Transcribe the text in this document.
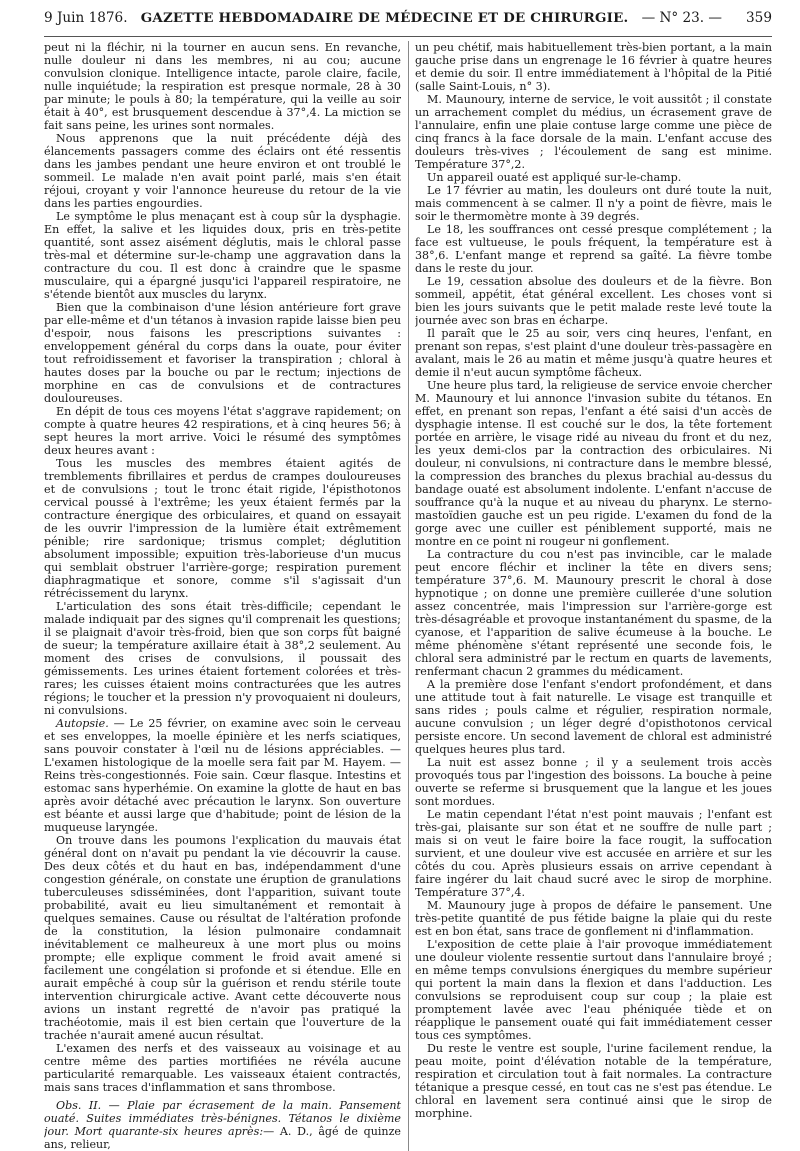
9 Juin 1876. GAZETTE HEBDOMADAIRE DE MÉDECINE ET DE CHIRURGIE. — N° 23. — 359

peut ni la fléchir, ni la tourner en aucun sens. En revanche, nulle douleur ni dans les membres, ni au cou; aucune convulsion clonique. Intelligence intacte, parole claire, facile, nulle inquiétude; la respiration est presque normale, 28 à 30 par minute; le pouls à 80; la température, qui la veille au soir était à 40°, est brusquement descendue à 37°,4. La miction se fait sans peine, les urines sont normales.

Nous apprenons que la nuit précédente déjà des élancements passagers comme des éclairs ont été ressentis dans les jambes pendant une heure environ et ont troublé le sommeil. Le malade n'en avait point parlé, mais s'en était réjoui, croyant y voir l'annonce heureuse du retour de la vie dans les parties engourdies.

Le symptôme le plus menaçant est à coup sûr la dysphagie. En effet, la salive et les liquides doux, pris en très-petite quantité, sont assez aisément déglutis, mais le chloral passe très-mal et détermine sur-le-champ une aggravation dans la contracture du cou. Il est donc à craindre que le spasme musculaire, qui a épargné jusqu'ici l'appareil respiratoire, ne s'étende bientôt aux muscles du larynx.

Bien que la combinaison d'une lésion antérieure fort grave par elle-même et d'un tétanos à invasion rapide laisse bien peu d'espoir, nous faisons les prescriptions suivantes : enveloppement général du corps dans la ouate, pour éviter tout refroidissement et favoriser la transpiration ; chloral à hautes doses par la bouche ou par le rectum; injections de morphine en cas de convulsions et de contractures douloureuses.

En dépit de tous ces moyens l'état s'aggrave rapidement; on compte à quatre heures 42 respirations, et à cinq heures 56; à sept heures la mort arrive. Voici le résumé des symptômes deux heures avant :

Tous les muscles des membres étaient agités de tremblements fibrillaires et perdus de crampes douloureuses et de convulsions ; tout le tronc était rigide, l'épisthotonos cervical poussé à l'extrême; les yeux étaient fermés par la contracture énergique des orbiculaires, et quand on essayait de les ouvrir l'impression de la lumière était extrêmement pénible; rire sardonique; trismus complet; déglutition absolument impossible; expuition très-laborieuse d'un mucus qui semblait obstruer l'arrière-gorge; respiration purement diaphragmatique et sonore, comme s'il s'agissait d'un rétrécissement du larynx.

L'articulation des sons était très-difficile; cependant le malade indiquait par des signes qu'il comprenait les questions; il se plaignait d'avoir très-froid, bien que son corps fût baigné de sueur; la température axillaire était à 38°,2 seulement. Au moment des crises de convulsions, il poussait des gémissements. Les urines étaient fortement colorées et très-rares; les cuisses étaient moins contracturées que les autres régions; le toucher et la pression n'y provoquaient ni douleurs, ni convulsions.

Autopsie. — Le 25 février, on examine avec soin le cerveau et ses enveloppes, la moelle épinière et les nerfs sciatiques, sans pouvoir constater à l'œil nu de lésions appréciables. — L'examen histologique de la moelle sera fait par M. Hayem. —Reins très-congestionnés. Foie sain. Cœur flasque. Intestins et estomac sans hyperhémie. On examine la glotte de haut en bas après avoir détaché avec précaution le larynx. Son ouverture est béante et aussi large que d'habitude; point de lésion de la muqueuse laryngée.

On trouve dans les poumons l'explication du mauvais état général dont on n'avait pu pendant la vie découvrir la cause. Des deux côtés et du haut en bas, indépendamment d'une congestion générale, on constate une éruption de granulations tuberculeuses sdisséminées, dont l'apparition, suivant toute probabilité, avait eu lieu simultanément et remontait à quelques semaines. Cause ou résultat de l'altération profonde de la constitution, la lésion pulmonaire condamnait inévitablement ce malheureux à une mort plus ou moins prompte; elle explique comment le froid avait amené si facilement une congélation si profonde et si étendue. Elle en aurait empêché à coup sûr la guérison et rendu stérile toute intervention chirurgicale active. Avant cette découverte nous avions un instant regretté de n'avoir pas pratiqué la trachéotomie, mais il est bien certain que l'ouverture de la trachée n'aurait amené aucun résultat.

L'examen des nerfs et des vaisseaux au voisinage et au centre même des parties mortifiées ne révéla aucune particularité remarquable. Les vaisseaux étaient contractés, mais sans traces d'inflammation et sans thrombose.

Obs. II. — Plaie par écrasement de la main. Pansement ouaté. Suites immédiates très-bénignes. Tétanos le dixième jour. Mort quarante-six heures après:— A. D., âgé de quinze ans, relieur,

un peu chétif, mais habituellement très-bien portant, a la main gauche prise dans un engrenage le 16 février à quatre heures et demie du soir. Il entre immédiatement à l'hôpital de la Pitié (salle Saint-Louis, n° 3).

M. Maunoury, interne de service, le voit aussitôt ; il constate un arrachement complet du médius, un écrasement grave de l'annulaire, enfin une plaie contuse large comme une pièce de cinq francs à la face dorsale de la main. L'enfant accuse des douleurs très-vives ; l'écoulement de sang est minime. Température 37°,2.

Un appareil ouaté est appliqué sur-le-champ.

Le 17 février au matin, les douleurs ont duré toute la nuit, mais commencent à se calmer. Il n'y a point de fièvre, mais le soir le thermomètre monte à 39 degrés.

Le 18, les souffrances ont cessé presque complétement ; la face est vultueuse, le pouls fréquent, la température est à 38°,6. L'enfant mange et reprend sa gaîté. La fièvre tombe dans le reste du jour.

Le 19, cessation absolue des douleurs et de la fièvre. Bon sommeil, appétit, état général excellent. Les choses vont si bien les jours suivants que le petit malade reste levé toute la journée avec son bras en écharpe.

Il paraît que le 25 au soir, vers cinq heures, l'enfant, en prenant son repas, s'est plaint d'une douleur très-passagère en avalant, mais le 26 au matin et même jusqu'à quatre heures et demie il n'eut aucun symptôme fâcheux.

Une heure plus tard, la religieuse de service envoie chercher M. Maunoury et lui annonce l'invasion subite du tétanos. En effet, en prenant son repas, l'enfant a été saisi d'un accès de dysphagie intense. Il est couché sur le dos, la tête fortement portée en arrière, le visage ridé au niveau du front et du nez, les yeux demi-clos par la contraction des orbiculaires. Ni douleur, ni convulsions, ni contracture dans le membre blessé, la compression des branches du plexus brachial au-dessus du bandage ouaté est absolument indolente. L'enfant n'accuse de souffrance qu'à la nuque et au niveau du pharynx. Le sterno-mastoïdien gauche est un peu rigide. L'examen du fond de la gorge avec une cuiller est péniblement supporté, mais ne montre en ce point ni rougeur ni gonflement.

La contracture du cou n'est pas invincible, car le malade peut encore fléchir et incliner la tête en divers sens; température 37°,6. M. Maunoury prescrit le choral à dose hypnotique ; on donne une première cuillerée d'une solution assez concentrée, mais l'impression sur l'arrière-gorge est très-désagréable et provoque instantanément du spasme, de la cyanose, et l'apparition de salive écumeuse à la bouche. Le même phénomène s'étant représenté une seconde fois, le chloral sera administré par le rectum en quarts de lavements, renfermant chacun 2 grammes du médicament.

A la première dose l'enfant s'endort profondément, et dans une attitude tout à fait naturelle. Le visage est tranquille et sans rides ; pouls calme et régulier, respiration normale, aucune convulsion ; un léger degré d'opisthotonos cervical persiste encore. Un second lavement de chloral est administré quelques heures plus tard.

La nuit est assez bonne ; il y a seulement trois accès provoqués tous par l'ingestion des boissons. La bouche à peine ouverte se referme si brusquement que la langue et les joues sont mordues.

Le matin cependant l'état n'est point mauvais ; l'enfant est très-gai, plaisante sur son état et ne souffre de nulle part ; mais si on veut le faire boire la face rougit, la suffocation survient, et une douleur vive est accusée en arrière et sur les côtés du cou. Après plusieurs essais on arrive cependant à faire ingérer du lait chaud sucré avec le sirop de morphine. Température 37°,4.

M. Maunoury juge à propos de défaire le pansement. Une très-petite quantité de pus fétide baigne la plaie qui du reste est en bon état, sans trace de gonflement ni d'inflammation.

L'exposition de cette plaie à l'air provoque immédiatement une douleur violente ressentie surtout dans l'annulaire broyé ; en même temps convulsions énergiques du membre supérieur qui portent la main dans la flexion et dans l'adduction. Les convulsions se reproduisent coup sur coup ; la plaie est promptement lavée avec l'eau phéniquée tiède et on réapplique le pansement ouaté qui fait immédiatement cesser tous ces symptômes.

Du reste le ventre est souple, l'urine facilement rendue, la peau moite, point d'élévation notable de la température, respiration et circulation tout à fait normales. La contracture tétanique a presque cessé, en tout cas ne s'est pas étendue. Le chloral en lavement sera continué ainsi que le sirop de morphine.
